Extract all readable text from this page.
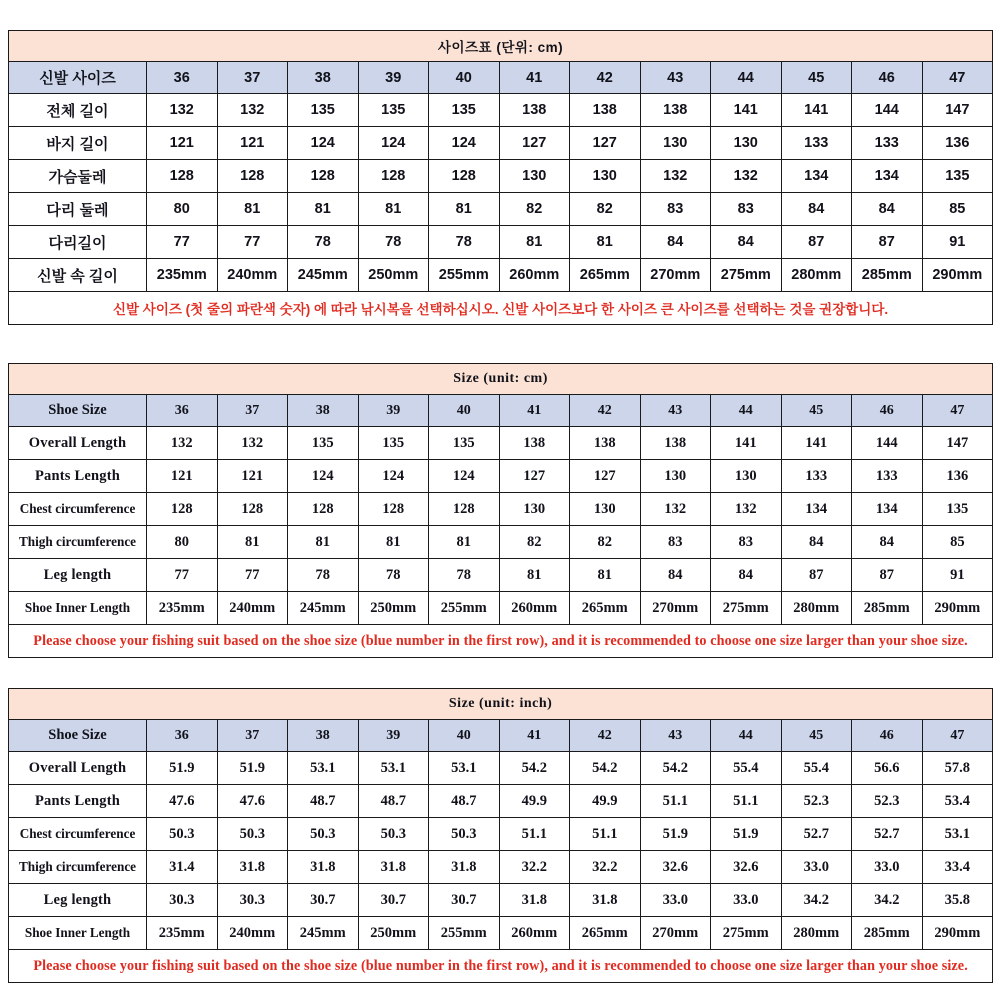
사이즈표 (단위: cm)												
신발 사이즈	36	37	38	39	40	41	42	43	44	45	46	47
전체 길이	132	132	135	135	135	138	138	138	141	141	144	147
바지 길이	121	121	124	124	124	127	127	130	130	133	133	136
가슴둘레	128	128	128	128	128	130	130	132	132	134	134	135
다리 둘레	80	81	81	81	81	82	82	83	83	84	84	85
다리길이	77	77	78	78	78	81	81	84	84	87	87	91
신발 속 길이	235mm	240mm	245mm	250mm	255mm	260mm	265mm	270mm	275mm	280mm	285mm	290mm
신발 사이즈 (첫 줄의 파란색 숫자) 에 따라 낚시복을 선택하십시오. 신발 사이즈보다 한 사이즈 큰 사이즈를 선택하는 것을 권장합니다.												
Size (unit: cm)												
Shoe Size	36	37	38	39	40	41	42	43	44	45	46	47
Overall Length	132	132	135	135	135	138	138	138	141	141	144	147
Pants Length	121	121	124	124	124	127	127	130	130	133	133	136
Chest circumference	128	128	128	128	128	130	130	132	132	134	134	135
Thigh circumference	80	81	81	81	81	82	82	83	83	84	84	85
Leg length	77	77	78	78	78	81	81	84	84	87	87	91
Shoe Inner Length	235mm	240mm	245mm	250mm	255mm	260mm	265mm	270mm	275mm	280mm	285mm	290mm
Please choose your fishing suit based on the shoe size (blue number in the first row), and it is recommended to choose one size larger than your shoe size.												
Size (unit: inch)												
Shoe Size	36	37	38	39	40	41	42	43	44	45	46	47
Overall Length	51.9	51.9	53.1	53.1	53.1	54.2	54.2	54.2	55.4	55.4	56.6	57.8
Pants Length	47.6	47.6	48.7	48.7	48.7	49.9	49.9	51.1	51.1	52.3	52.3	53.4
Chest circumference	50.3	50.3	50.3	50.3	50.3	51.1	51.1	51.9	51.9	52.7	52.7	53.1
Thigh circumference	31.4	31.8	31.8	31.8	31.8	32.2	32.2	32.6	32.6	33.0	33.0	33.4
Leg length	30.3	30.3	30.7	30.7	30.7	31.8	31.8	33.0	33.0	34.2	34.2	35.8
Shoe Inner Length	235mm	240mm	245mm	250mm	255mm	260mm	265mm	270mm	275mm	280mm	285mm	290mm
Please choose your fishing suit based on the shoe size (blue number in the first row), and it is recommended to choose one size larger than your shoe size.												
